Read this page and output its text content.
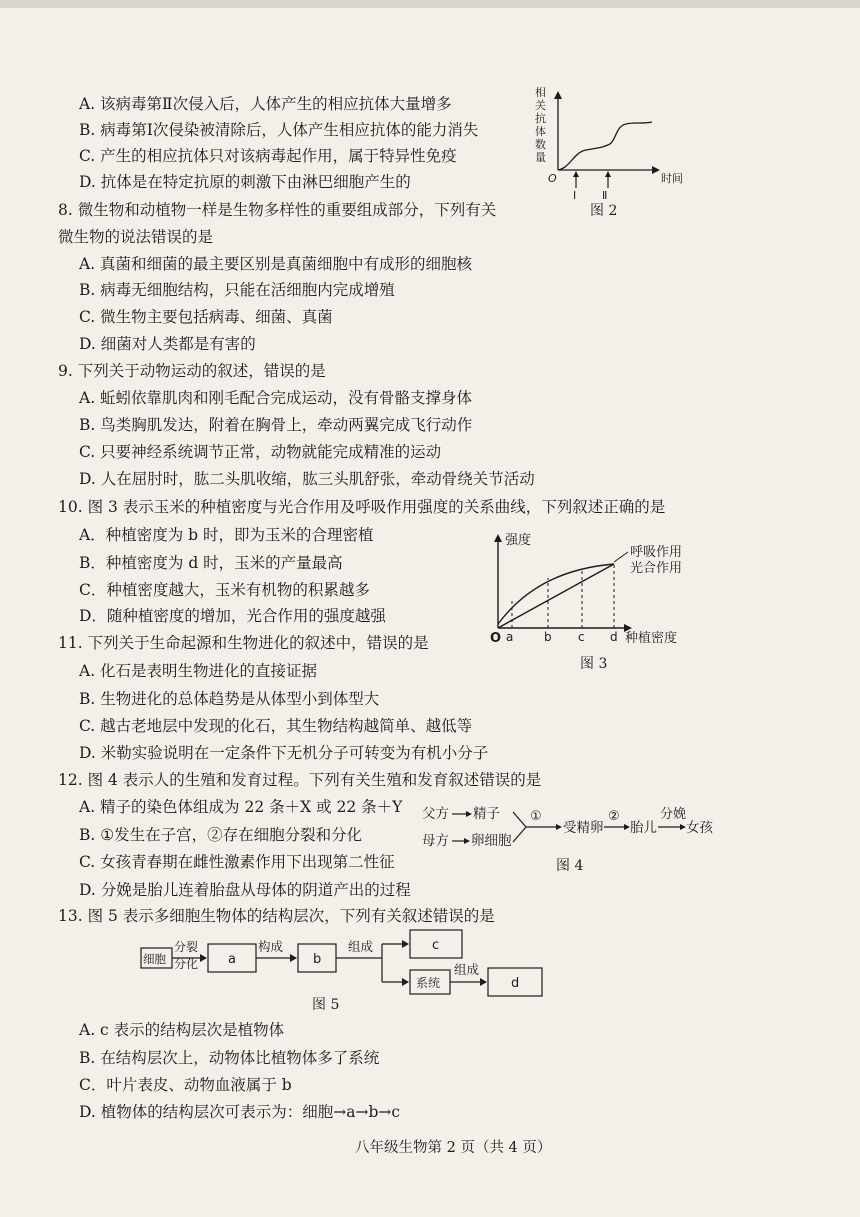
A. 该病毒第Ⅱ次侵入后，人体产生的相应抗体大量增多
B. 病毒第Ⅰ次侵染被清除后，人体产生相应抗体的能力消失
C. 产生的相应抗体只对该病毒起作用，属于特异性免疫
D. 抗体是在特定抗原的刺激下由淋巴细胞产生的
相
关
抗
体
数
量
O	时间
Ⅰ Ⅱ
图 2
8. 微生物和动植物一样是生物多样性的重要组成部分，下列有关
微生物的说法错误的是
A. 真菌和细菌的最主要区别是真菌细胞中有成形的细胞核
B. 病毒无细胞结构，只能在活细胞内完成增殖
C. 微生物主要包括病毒、细菌、真菌
D. 细菌对人类都是有害的
9. 下列关于动物运动的叙述，错误的是
A. 蚯蚓依靠肌肉和刚毛配合完成运动，没有骨骼支撑身体
B. 鸟类胸肌发达，附着在胸骨上，牵动两翼完成飞行动作
C. 只要神经系统调节正常，动物就能完成精准的运动
D. 人在屈肘时，肱二头肌收缩，肱三头肌舒张，牵动骨绕关节活动
10. 图 3 表示玉米的种植密度与光合作用及呼吸作用强度的关系曲线，下列叙述正确的是
A．种植密度为 b 时，即为玉米的合理密植
B．种植密度为 d 时，玉米的产量最高
C．种植密度越大，玉米有机物的积累越多
D．随种植密度的增加，光合作用的强度越强
强度
O a	b c d 种植密度
呼吸作用
光合作用
图 3
11. 下列关于生命起源和生物进化的叙述中，错误的是
A. 化石是表明生物进化的直接证据
B. 生物进化的总体趋势是从体型小到体型大
C. 越古老地层中发现的化石，其生物结构越简单、越低等
D. 米勒实验说明在一定条件下无机分子可转变为有机小分子
12. 图 4 表示人的生殖和发育过程。下列有关生殖和发育叙述错误的是
A. 精子的染色体组成为 22 条＋X 或 22 条＋Y
B. ①发生在子宫，②存在细胞分裂和分化
C. 女孩青春期在雌性激素作用下出现第二性征
D. 分娩是胎儿连着胎盘从母体的阴道产出的过程
父方 精子
母方 卵细胞
①
受精卵
②
胎儿
分娩
女孩
图 4
13. 图 5 表示多细胞生物体的结构层次，下列有关叙述错误的是
细胞
分裂
分化 a
构成
b
组成	c
系统
组成
d
图 5
A. c 表示的结构层次是植物体
B. 在结构层次上，动物体比植物体多了系统
C．叶片表皮、动物血液属于 b
D. 植物体的结构层次可表示为：细胞→a→b→c
八年级生物第 2 页（共 4 页）
